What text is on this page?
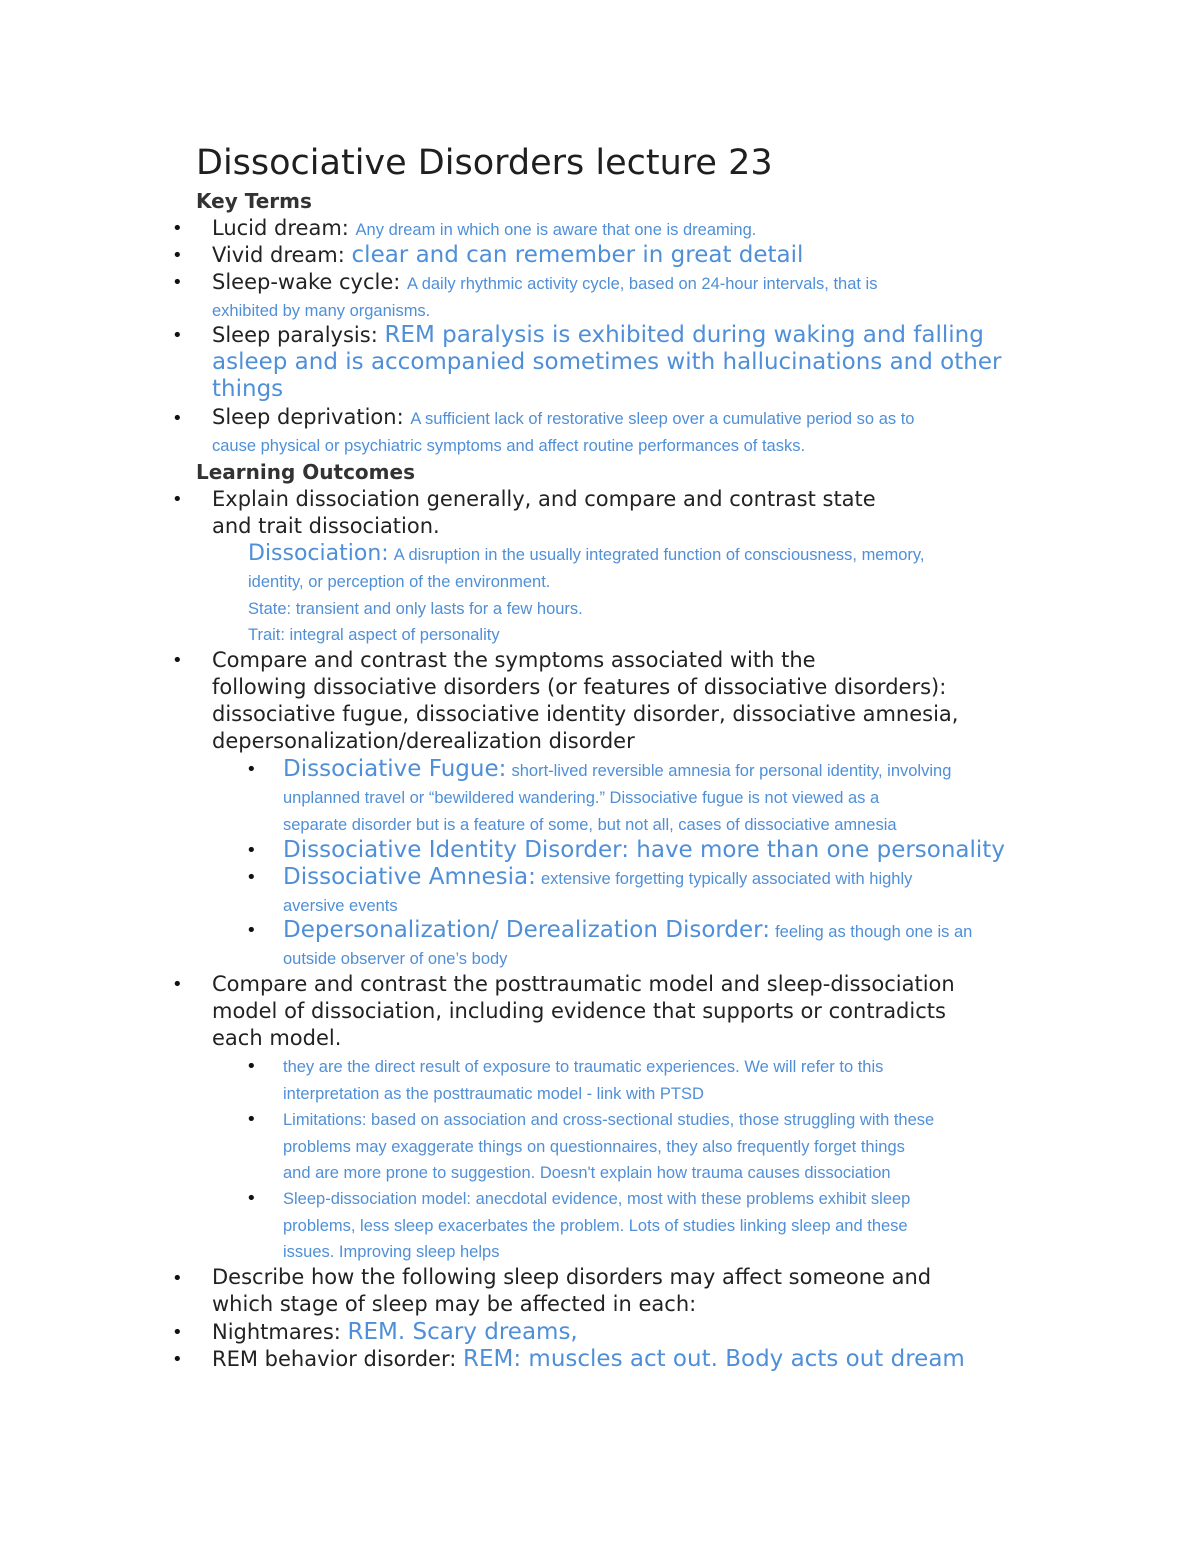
Dissociative Disorders lecture 23
Key Terms
• Lucid dream: Any dream in which one is aware that one is dreaming.
• Vivid dream: clear and can remember in great detail
• Sleep-wake cycle: A daily rhythmic activity cycle, based on 24-hour intervals, that is
exhibited by many organisms.
• Sleep paralysis: REM paralysis is exhibited during waking and falling
asleep and is accompanied sometimes with hallucinations and other
things
• Sleep deprivation: A sufficient lack of restorative sleep over a cumulative period so as to
cause physical or psychiatric symptoms and affect routine performances of tasks.
Learning Outcomes
• Explain dissociation generally, and compare and contrast state
and trait dissociation.
Dissociation: A disruption in the usually integrated function of consciousness, memory,
identity, or perception of the environment.
State: transient and only lasts for a few hours.
Trait: integral aspect of personality
• Compare and contrast the symptoms associated with the
following dissociative disorders (or features of dissociative disorders):
dissociative fugue, dissociative identity disorder, dissociative amnesia,
depersonalization/derealization disorder
• Dissociative Fugue: short-lived reversible amnesia for personal identity, involving
unplanned travel or “bewildered wandering.” Dissociative fugue is not viewed as a
separate disorder but is a feature of some, but not all, cases of dissociative amnesia
• Dissociative Identity Disorder: have more than one personality
• Dissociative Amnesia: extensive forgetting typically associated with highly
aversive events
• Depersonalization/ Derealization Disorder: feeling as though one is an
outside observer of one’s body
• Compare and contrast the posttraumatic model and sleep-dissociation
model of dissociation, including evidence that supports or contradicts
each model.
• they are the direct result of exposure to traumatic experiences. We will refer to this
interpretation as the posttraumatic model - link with PTSD
• Limitations: based on association and cross-sectional studies, those struggling with these
problems may exaggerate things on questionnaires, they also frequently forget things
and are more prone to suggestion. Doesn't explain how trauma causes dissociation
• Sleep-dissociation model: anecdotal evidence, most with these problems exhibit sleep
problems, less sleep exacerbates the problem. Lots of studies linking sleep and these
issues. Improving sleep helps
• Describe how the following sleep disorders may affect someone and
which stage of sleep may be affected in each:
• Nightmares: REM. Scary dreams,
• REM behavior disorder: REM: muscles act out. Body acts out dream
